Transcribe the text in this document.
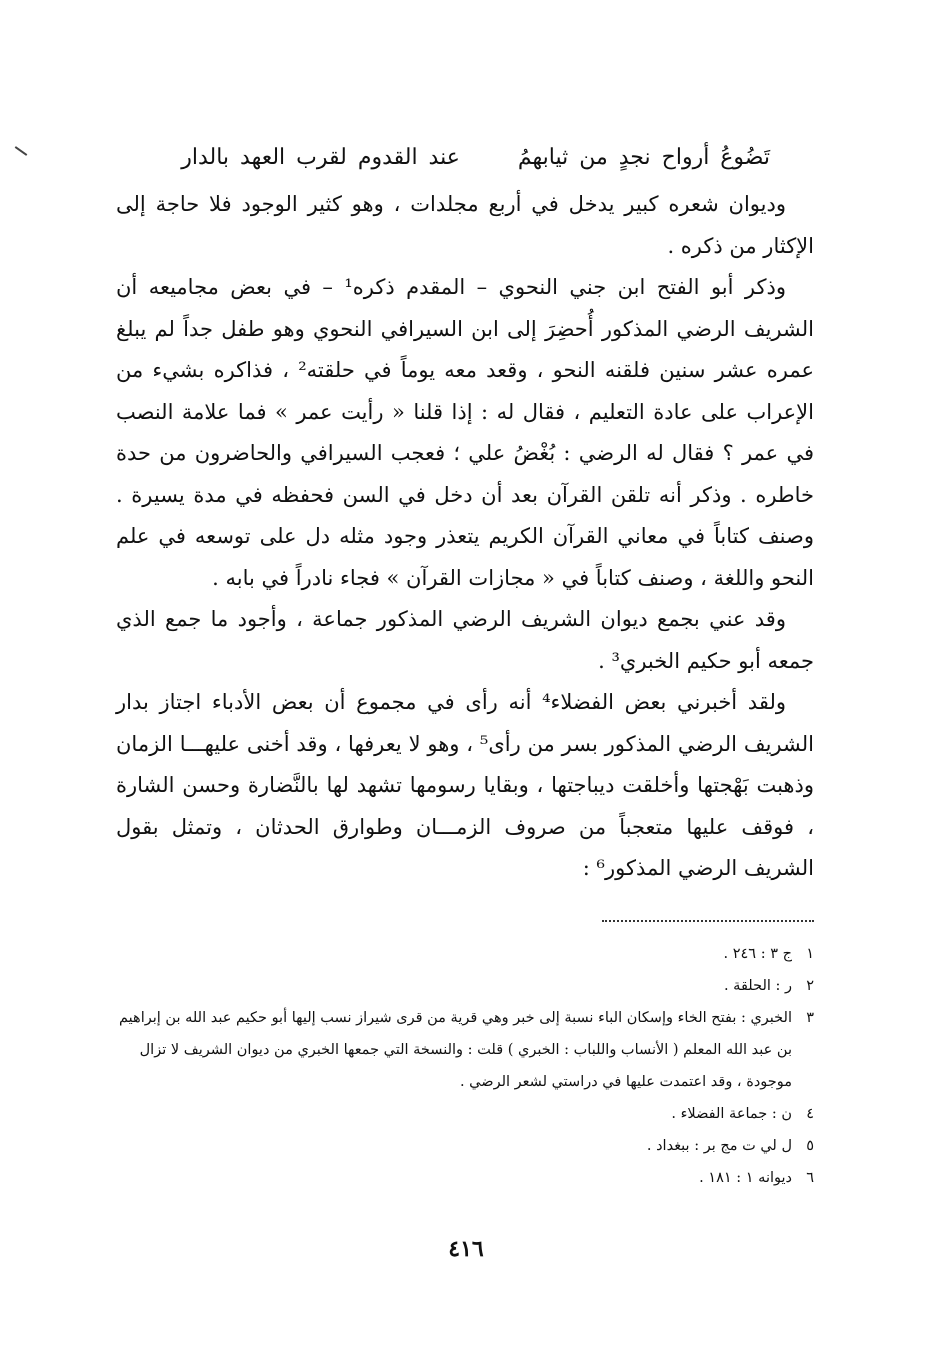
تَضُوعُ أرواح نجدٍ من ثيابهمُ  عند القدوم لقرب العهد بالدار

وديوان شعره كبير يدخل في أربع مجلدات ، وهو كثير الوجود فلا حاجة إلى الإكثار من ذكره .

وذكر أبو الفتح ابن جني النحوي – المقدم ذكره¹ – في بعض مجاميعه أن الشريف الرضي المذكور أُحضِرَ إلى ابن السيرافي النحوي وهو طفل جداً لم يبلغ عمره عشر سنين فلقنه النحو ، وقعد معه يوماً في حلقته² ، فذاكره بشيء من الإعراب على عادة التعليم ، فقال له : إذا قلنا « رأيت عمر » فما علامة النصب في عمر ؟ فقال له الرضي : بُغْضُ علي ؛ فعجب السيرافي والحاضرون من حدة خاطره . وذكر أنه تلقن القرآن بعد أن دخل في السن فحفظه في مدة يسيرة . وصنف كتاباً في معاني القرآن الكريم يتعذر وجود مثله دل على توسعه في علم النحو واللغة ، وصنف كتاباً في « مجازات القرآن » فجاء نادراً في بابه .

وقد عني بجمع ديوان الشريف الرضي المذكور جماعة ، وأجود ما جمع الذي جمعه أبو حكيم الخبري³ .

ولقد أخبرني بعض الفضلاء⁴ أنه رأى في مجموع أن بعض الأدباء اجتاز بدار الشريف الرضي المذكور بسر من رأى⁵ ، وهو لا يعرفها ، وقد أخنى عليهـــا الزمان وذهبت بَهْجتها وأخلقت ديباجتها ، وبقايا رسومها تشهد لها بالنَّضارة وحسن الشارة ، فوقف عليها متعجباً من صروف الزمـــان وطوارق الحدثان ، وتمثل بقول الشريف الرضي المذكور⁶ :

١
ج ٣ : ٢٤٦ .
٢
ر : الحلقة .
٣
الخبري : بفتح الخاء وإسكان الباء نسبة إلى خبر وهي قرية من قرى شيراز نسب إليها أبو حكيم عبد الله بن إبراهيم بن عبد الله المعلم ( الأنساب واللباب : الخبري ) قلت : والنسخة التي جمعها الخبري من ديوان الشريف لا تزال موجودة ، وقد اعتمدت عليها في دراستي لشعر الرضي .
٤
ن : جماعة الفضلاء .
٥
ل لي ت مج بر : ببغداد .
٦
ديوانه ١ : ١٨١ .
٤١٦
